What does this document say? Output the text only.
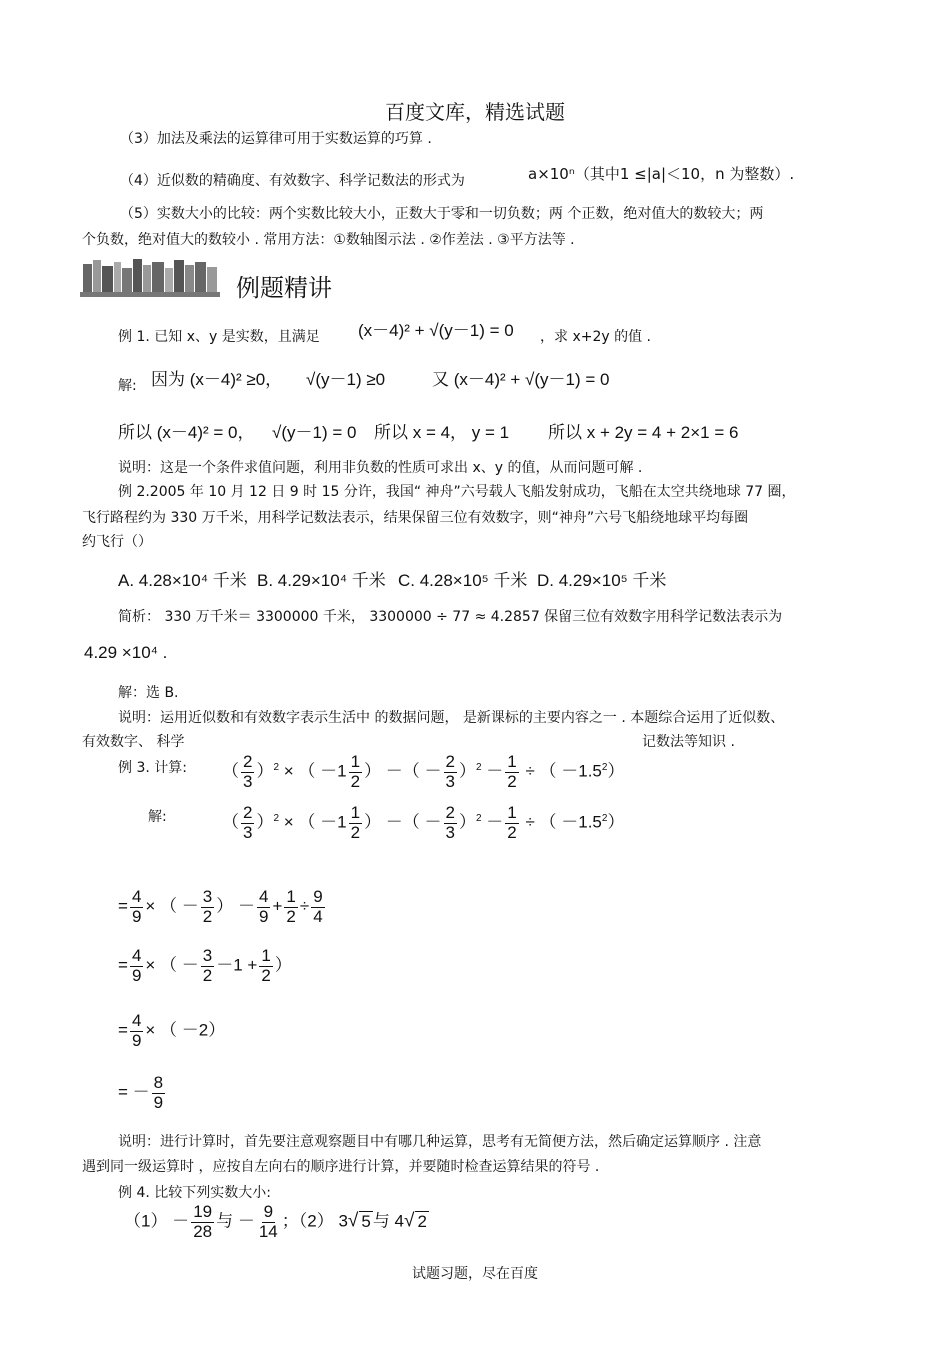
百度文库，精选试题
（3）加法及乘法的运算律可用于实数运算的巧算 .
（4）近似数的精确度、有效数字、科学记数法的形式为	a×10ⁿ（其中1 ≤|a|＜10，n 为整数）.
（5）实数大小的比较：两个实数比较大小，正数大于零和一切负数；两 个正数，绝对值大的数较大；两
个负数，绝对值大的数较小 . 常用方法：①数轴图示法 . ②作差法 . ③平方法等 .
例题精讲
例 1. 已知 x、y 是实数，且满足 (x－4)² + √(y－1) = 0 ，求 x+2y 的值 .
解: 因为 (x－4)² ≥0， √(y－1) ≥0	又 (x－4)² + √(y－1) = 0
所以 (x－4)² = 0， √(y－1) = 0 所以 x = 4， y = 1 所以 x + 2y = 4 + 2×1 = 6
说明：这是一个条件求值问题，利用非负数的性质可求出 x、y 的值，从而问题可解 .
例 2.2005 年 10 月 12 日 9 时 15 分许，我国“ 神舟”六号载人飞船发射成功，飞船在太空共绕地球 77 圈，
飞行路程约为 330 万千米，用科学记数法表示，结果保留三位有效数字，则“神舟”六号飞船绕地球平均每圈
约飞行（）
A. 4.28×10⁴ 千米 B. 4.29×10⁴ 千米 C. 4.28×10⁵ 千米 D. 4.29×10⁵ 千米
简析： 330 万千米＝ 3300000 千米， 3300000 ÷ 77 ≈ 4.2857 保留三位有效数字用科学记数法表示为
4.29 ×10⁴ .
解：选 B.
说明：运用近似数和有效数字表示生活中 的数据问题， 是新课标的主要内容之一 . 本题综合运用了近似数、
有效数字、 科学	记数法等知识 .
例 3. 计算: （ $\frac{2}{3} )^2$ × （ $-1 \frac{1}{2}$ ） －（ － $\frac{2}{3} )^2 - \frac{1}{2}$ ÷ （ $-1.5^2$）
解:	（ $\frac{2}{3} )^2$ × （ $-1 \frac{1}{2}$ ） －（ － $\frac{2}{3} )^2 - \frac{1}{2}$ ÷ （ $-1.5^2$）
= $\frac{4}{9}$ × （ － $\frac{3}{2}$ ） － $\frac{4}{9} + \frac{1}{2} \div \frac{9}{4}$
= $\frac{4}{9}$ × （ － $\frac{3}{2} -1 + \frac{1}{2}$ ）
= $\frac{4}{9}$ × （ －2）
= － $\frac{8}{9}$
说明：进行计算时，首先要注意观察题目中有哪几种运算，思考有无简便方法，然后确定运算顺序 . 注意
遇到同一级运算时 ，应按自左向右的顺序进行计算，并要随时检查运算结果的符号 .
例 4. 比较下列实数大小:
$(1) - \frac{19}{28}$ 与 － $\frac{9}{14}$ ；（2） 3√ 5 与 4√ 2
试题习题，尽在百度
